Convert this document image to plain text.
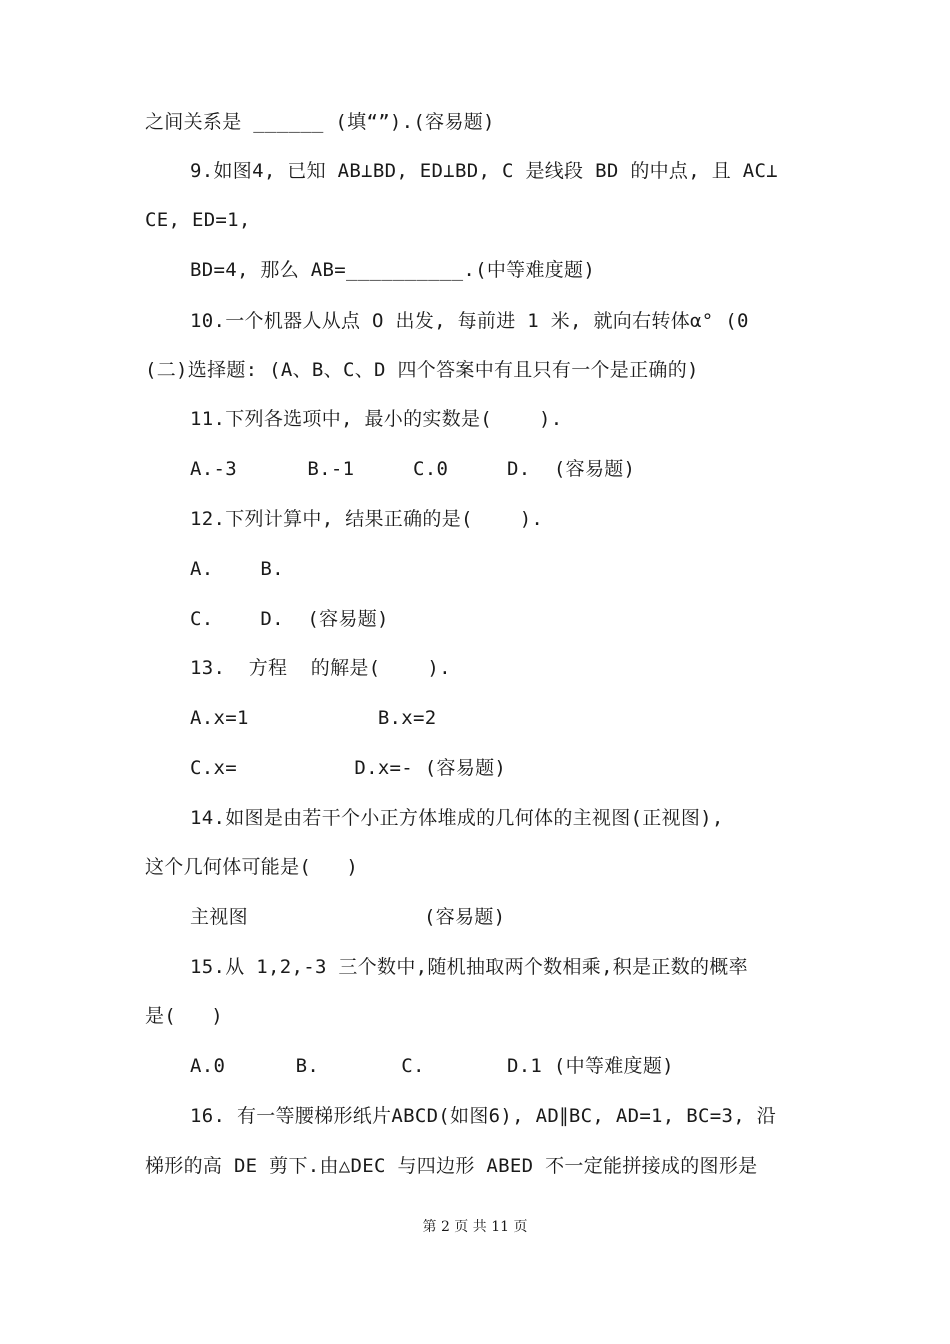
之间关系是 ______ (填“”).(容易题)
9.如图4, 已知 AB⊥BD, ED⊥BD, C 是线段 BD 的中点, 且 AC⊥
CE, ED=1,
BD=4, 那么 AB=__________.(中等难度题)
10.一个机器人从点 O 出发, 每前进 1 米, 就向右转体α° (0
(二)选择题: (A、B、C、D 四个答案中有且只有一个是正确的)
11.下列各选项中, 最小的实数是(    ).
A.-3      B.-1     C.0     D.  (容易题)
12.下列计算中, 结果正确的是(    ).
A.    B.
C.    D.  (容易题)
13.  方程  的解是(    ).
A.x=1           B.x=2
C.x=          D.x=- (容易题)
14.如图是由若干个小正方体堆成的几何体的主视图(正视图),
这个几何体可能是(   )
主视图               (容易题)
15.从 1,2,-3 三个数中,随机抽取两个数相乘,积是正数的概率
是(   )
A.0      B.       C.       D.1 (中等难度题)
16. 有一等腰梯形纸片ABCD(如图6), AD∥BC, AD=1, BC=3, 沿
梯形的高 DE 剪下.由△DEC 与四边形 ABED 不一定能拼接成的图形是
第 2 页 共 11 页
